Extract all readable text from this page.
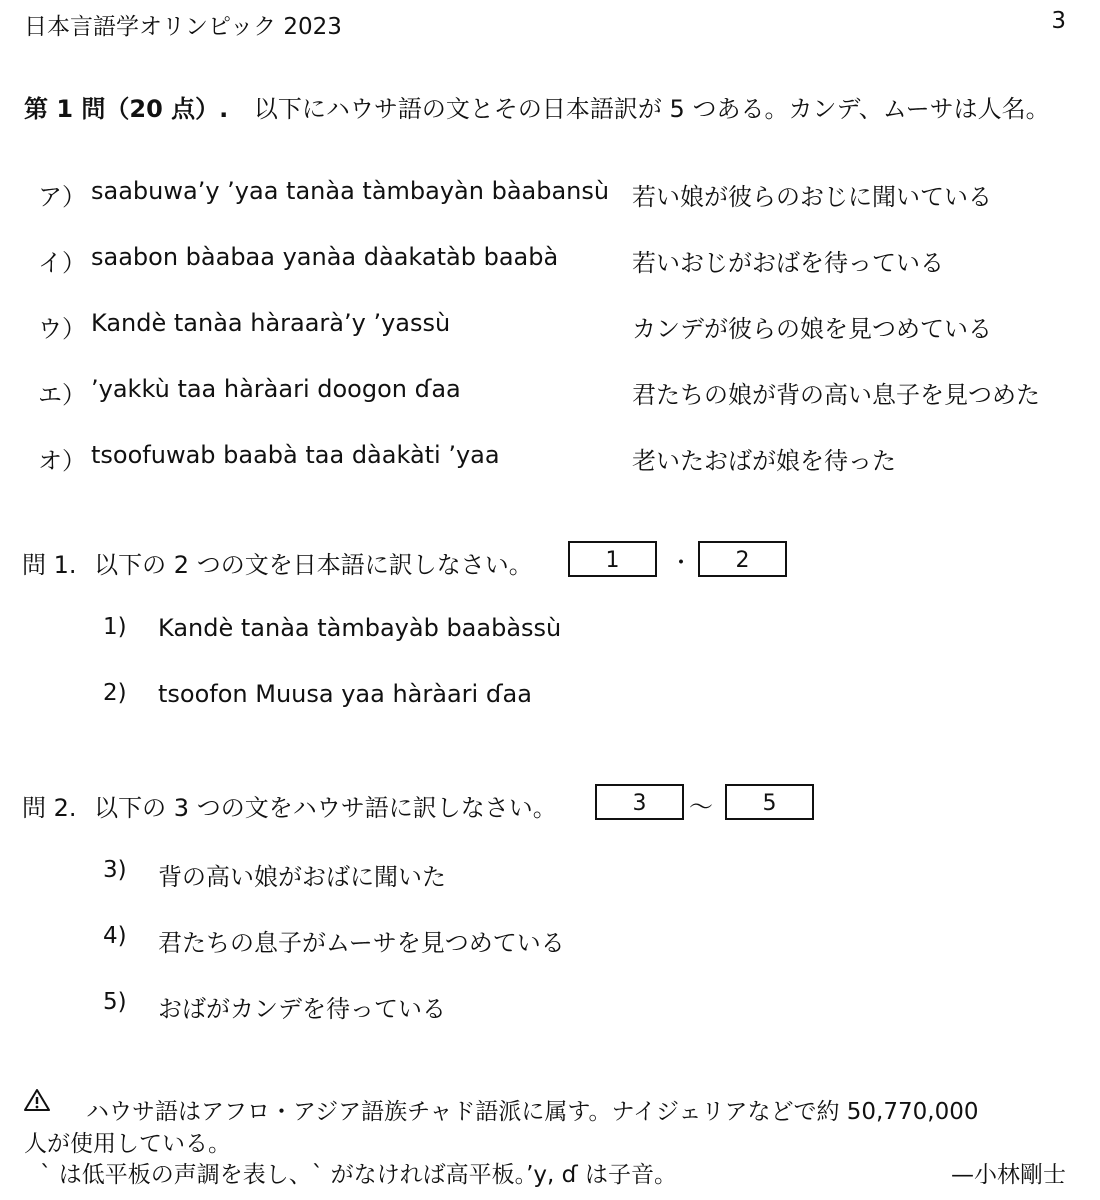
日本言語学オリンピック 2023	3
第 1 問（20 点）. 以下にハウサ語の文とその日本語訳が 5 つある。カンデ、ムーサは人名。
ア） saabuwa’y ’yaa tanàa tàmbayàn bàabansù 若い娘が彼らのおじに聞いている
イ） saabon bàabaa yanàa dàakatàb baabà	若いおじがおばを待っている
ウ） Kandè tanàa hàraarà’y ’yassù	カンデが彼らの娘を見つめている
エ） ’yakkù taa hàràari doogon ɗaa	君たちの娘が背の高い息子を見つめた
オ） tsoofuwab baabà taa dàakàti ’yaa	老いたおばが娘を待った
問 1. 以下の 2 つの文を日本語に訳しなさい。	1	・	2
1) Kandè tanàa tàmbayàb baabàssù
2) tsoofon Muusa yaa hàràari ɗaa
問 2. 以下の 3 つの文をハウサ語に訳しなさい。	3	〜	5
3) 背の高い娘がおばに聞いた
4) 君たちの息子がムーサを見つめている
5) おばがカンデを待っている
ハウサ語はアフロ・アジア語族チャド語派に属す。ナイジェリアなどで約 50,770,000
人が使用している。
` は低平板の声調を表し、` がなければ高平板。’y, ɗ は子音。	—小林剛士
